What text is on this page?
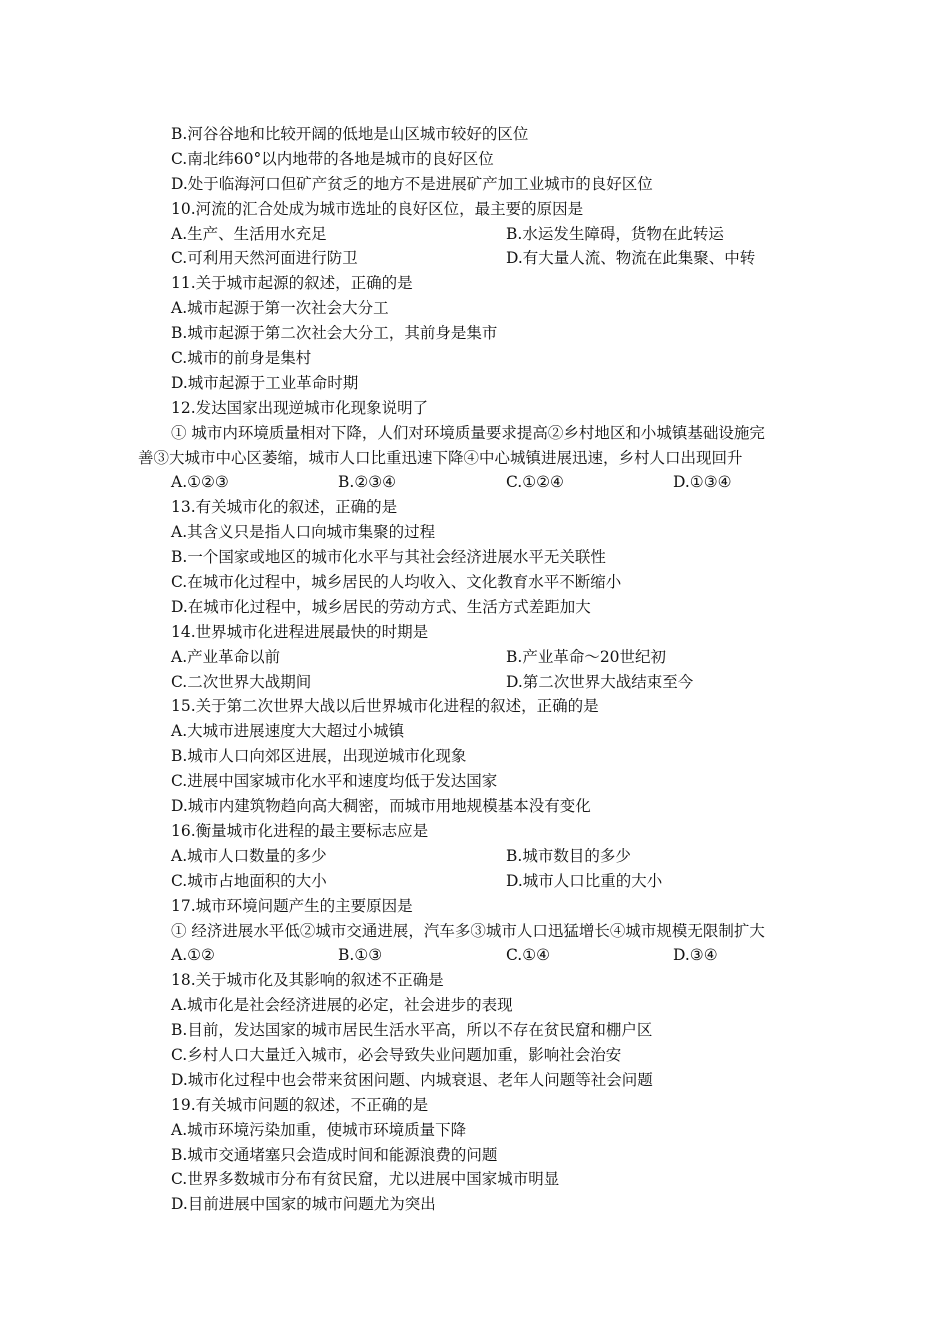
B.河谷谷地和比较开阔的低地是山区城市较好的区位
C.南北纬60°以内地带的各地是城市的良好区位
D.处于临海河口但矿产贫乏的地方不是进展矿产加工业城市的良好区位
10.河流的汇合处成为城市选址的良好区位，最主要的原因是
A.生产、生活用水充足	B.水运发生障碍，货物在此转运
C.可利用天然河面进行防卫	D.有大量人流、物流在此集聚、中转
11.关于城市起源的叙述，正确的是
A.城市起源于第一次社会大分工
B.城市起源于第二次社会大分工，其前身是集市
C.城市的前身是集村
D.城市起源于工业革命时期
12.发达国家出现逆城市化现象说明了
① 城市内环境质量相对下降，人们对环境质量要求提高②乡村地区和小城镇基础设施完
善③大城市中心区萎缩，城市人口比重迅速下降④中心城镇进展迅速，乡村人口出现回升
A.①②③	B.②③④	C.①②④	D.①③④
13.有关城市化的叙述，正确的是
A.其含义只是指人口向城市集聚的过程
B.一个国家或地区的城市化水平与其社会经济进展水平无关联性
C.在城市化过程中，城乡居民的人均收入、文化教育水平不断缩小
D.在城市化过程中，城乡居民的劳动方式、生活方式差距加大
14.世界城市化进程进展最快的时期是
A.产业革命以前	B.产业革命～20世纪初
C.二次世界大战期间	D.第二次世界大战结束至今
15.关于第二次世界大战以后世界城市化进程的叙述，正确的是
A.大城市进展速度大大超过小城镇
B.城市人口向郊区进展，出现逆城市化现象
C.进展中国家城市化水平和速度均低于发达国家
D.城市内建筑物趋向高大稠密，而城市用地规模基本没有变化
16.衡量城市化进程的最主要标志应是
A.城市人口数量的多少	B.城市数目的多少
C.城市占地面积的大小	D.城市人口比重的大小
17.城市环境问题产生的主要原因是
① 经济进展水平低②城市交通进展，汽车多③城市人口迅猛增长④城市规模无限制扩大
A.①②	B.①③	C.①④	D.③④
18.关于城市化及其影响的叙述不正确是
A.城市化是社会经济进展的必定，社会进步的表现
B.目前，发达国家的城市居民生活水平高，所以不存在贫民窟和棚户区
C.乡村人口大量迁入城市，必会导致失业问题加重，影响社会治安
D.城市化过程中也会带来贫困问题、内城衰退、老年人问题等社会问题
19.有关城市问题的叙述，不正确的是
A.城市环境污染加重，使城市环境质量下降
B.城市交通堵塞只会造成时间和能源浪费的问题
C.世界多数城市分布有贫民窟，尤以进展中国家城市明显
D.目前进展中国家的城市问题尤为突出
